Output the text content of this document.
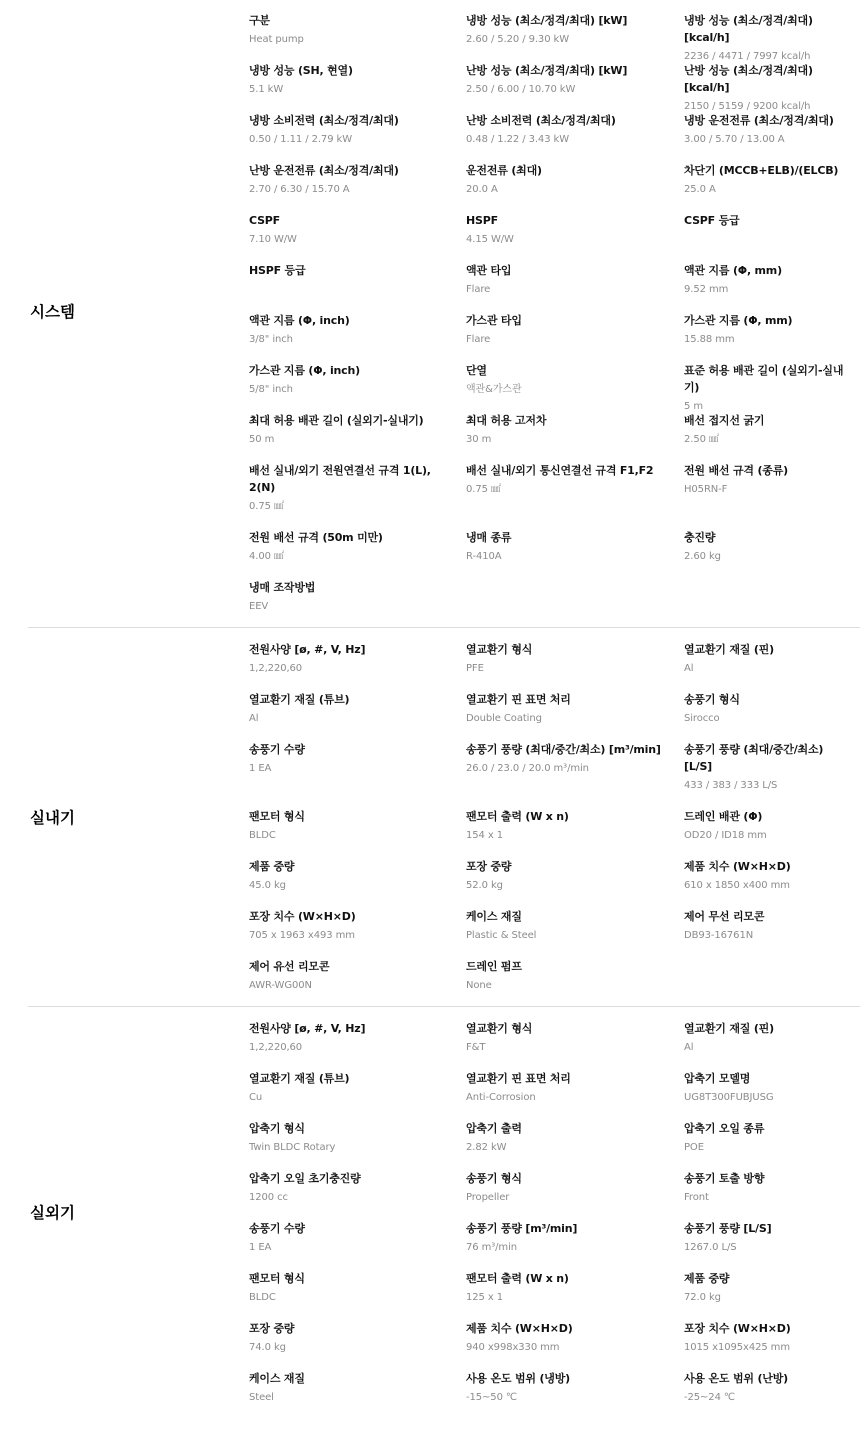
시스템
구분
Heat pump
냉방 성능 (최소/정격/최대) [kW]
2.60 / 5.20 / 9.30 kW
냉방 성능 (최소/정격/최대) [kcal/h]
2236 / 4471 / 7997 kcal/h
냉방 성능 (SH, 현열)
5.1 kW
난방 성능 (최소/정격/최대) [kW]
2.50 / 6.00 / 10.70 kW
난방 성능 (최소/정격/최대) [kcal/h]
2150 / 5159 / 9200 kcal/h
냉방 소비전력 (최소/정격/최대)
0.50 / 1.11 / 2.79 kW
난방 소비전력 (최소/정격/최대)
0.48 / 1.22 / 3.43 kW
냉방 운전전류 (최소/정격/최대)
3.00 / 5.70 / 13.00 A
난방 운전전류 (최소/정격/최대)
2.70 / 6.30 / 15.70 A
운전전류 (최대)
20.0 A
차단기 (MCCB+ELB)/(ELCB)
25.0 A
CSPF
7.10 W/W
HSPF
4.15 W/W
CSPF 등급
HSPF 등급	액관 타입
Flare
액관 지름 (Φ, mm)
9.52 mm
액관 지름 (Φ, inch)
3/8" inch
가스관 타입
Flare
가스관 지름 (Φ, mm)
15.88 mm
가스관 지름 (Φ, inch)
5/8" inch
단열
액관&가스관
표준 허용 배관 길이 (실외기-실내기)
5 m
최대 허용 배관 길이 (실외기-실내기)
50 m
최대 허용 고저차
30 m
배선 접지선 굵기
2.50 ㎟
배선 실내/외기 전원연결선 규격 1(L), 2(N)
0.75 ㎟
배선 실내/외기 통신연결선 규격 F1,F2
0.75 ㎟
전원 배선 규격 (종류)
H05RN-F
전원 배선 규격 (50m 미만)
4.00 ㎟
냉매 종류
R-410A
충진량
2.60 kg
냉매 조작방법
EEV
실내기
전원사양 [ø, #, V, Hz]
1,2,220,60
열교환기 형식
PFE
열교환기 재질 (핀)
Al
열교환기 재질 (튜브)
Al
열교환기 핀 표면 처리
Double Coating
송풍기 형식
Sirocco
송풍기 수량
1 EA
송풍기 풍량 (최대/중간/최소) [m³/min]
26.0 / 23.0 / 20.0 m³/min
송풍기 풍량 (최대/중간/최소) [L/S]
433 / 383 / 333 L/S
팬모터 형식
BLDC
팬모터 출력 (W x n)
154 x 1
드레인 배관 (Φ)
OD20 / ID18 mm
제품 중량
45.0 kg
포장 중량
52.0 kg
제품 치수 (W×H×D)
610 x 1850 x400 mm
포장 치수 (W×H×D)
705 x 1963 x493 mm
케이스 재질
Plastic & Steel
제어 무선 리모콘
DB93-16761N
제어 유선 리모콘
AWR-WG00N
드레인 펌프
None
실외기
전원사양 [ø, #, V, Hz]
1,2,220,60
열교환기 형식
F&T
열교환기 재질 (핀)
Al
열교환기 재질 (튜브)
Cu
열교환기 핀 표면 처리
Anti-Corrosion
압축기 모델명
UG8T300FUBJUSG
압축기 형식
Twin BLDC Rotary
압축기 출력
2.82 kW
압축기 오일 종류
POE
압축기 오일 초기충진량
1200 cc
송풍기 형식
Propeller
송풍기 토출 방향
Front
송풍기 수량
1 EA
송풍기 풍량 [m³/min]
76 m³/min
송풍기 풍량 [L/S]
1267.0 L/S
팬모터 형식
BLDC
팬모터 출력 (W x n)
125 x 1
제품 중량
72.0 kg
포장 중량
74.0 kg
제품 치수 (W×H×D)
940 x998x330 mm
포장 치수 (W×H×D)
1015 x1095x425 mm
케이스 재질
Steel
사용 온도 범위 (냉방)
-15~50 ℃
사용 온도 범위 (난방)
-25~24 ℃
